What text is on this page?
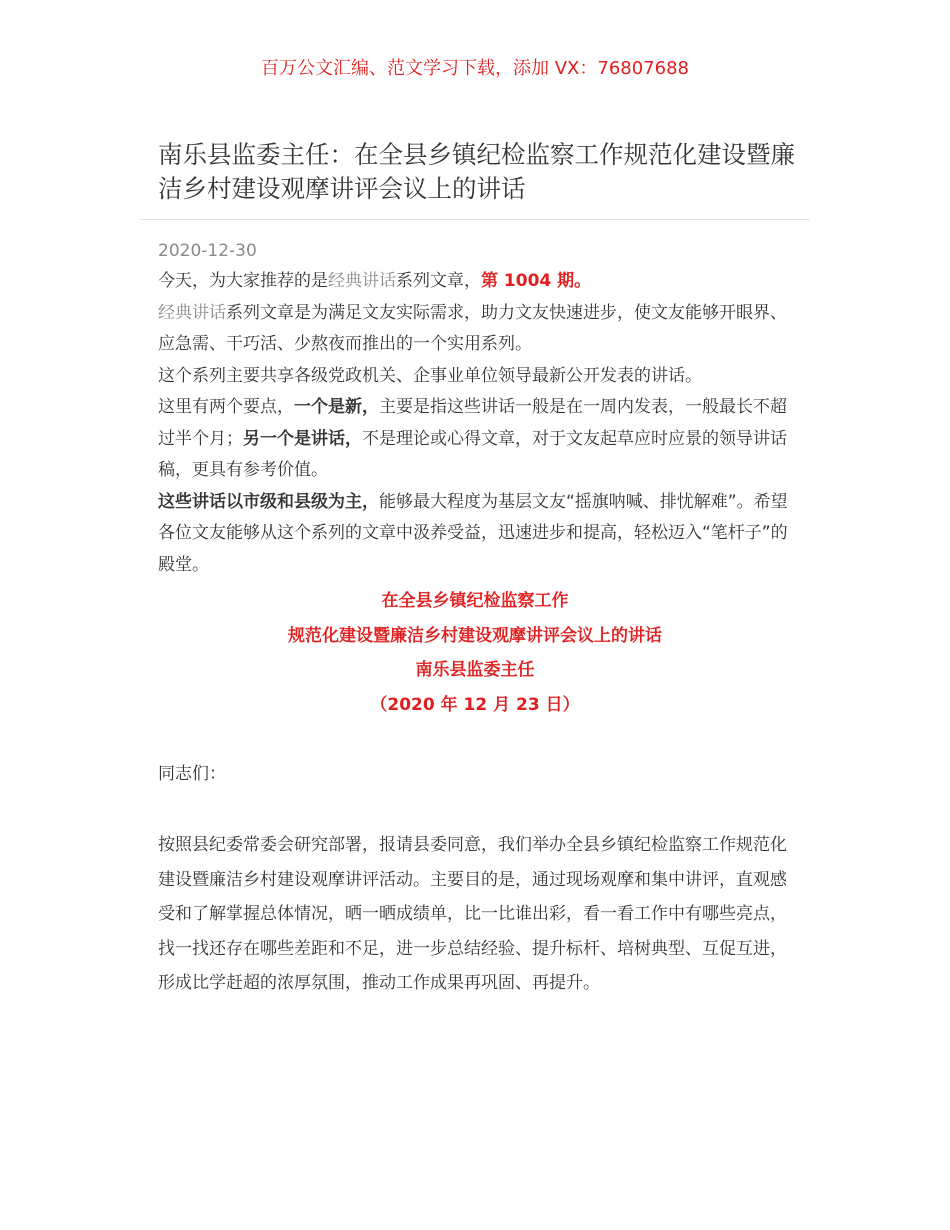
百万公文汇编、范文学习下载，添加 VX：76807688
南乐县监委主任：在全县乡镇纪检监察工作规范化建设暨廉洁乡村建设观摩讲评会议上的讲话
2020-12-30

今天，为大家推荐的是经典讲话系列文章，第 1004 期。

经典讲话系列文章是为满足文友实际需求，助力文友快速进步，使文友能够开眼界、应急需、干巧活、少熬夜而推出的一个实用系列。

这个系列主要共享各级党政机关、企事业单位领导最新公开发表的讲话。

这里有两个要点，一个是新，主要是指这些讲话一般是在一周内发表，一般最长不超过半个月；另一个是讲话，不是理论或心得文章，对于文友起草应时应景的领导讲话稿，更具有参考价值。

这些讲话以市级和县级为主，能够最大程度为基层文友“摇旗呐喊、排忧解难”。希望各位文友能够从这个系列的文章中汲养受益，迅速进步和提高，轻松迈入“笔杆子”的殿堂。

在全县乡镇纪检监察工作
规范化建设暨廉洁乡村建设观摩讲评会议上的讲话
南乐县监委主任
（2020 年 12 月 23 日）
同志们：

按照县纪委常委会研究部署，报请县委同意，我们举办全县乡镇纪检监察工作规范化建设暨廉洁乡村建设观摩讲评活动。主要目的是，通过现场观摩和集中讲评，直观感受和了解掌握总体情况，晒一晒成绩单，比一比谁出彩，看一看工作中有哪些亮点，找一找还存在哪些差距和不足，进一步总结经验、提升标杆、培树典型、互促互进，形成比学赶超的浓厚氛围，推动工作成果再巩固、再提升。
